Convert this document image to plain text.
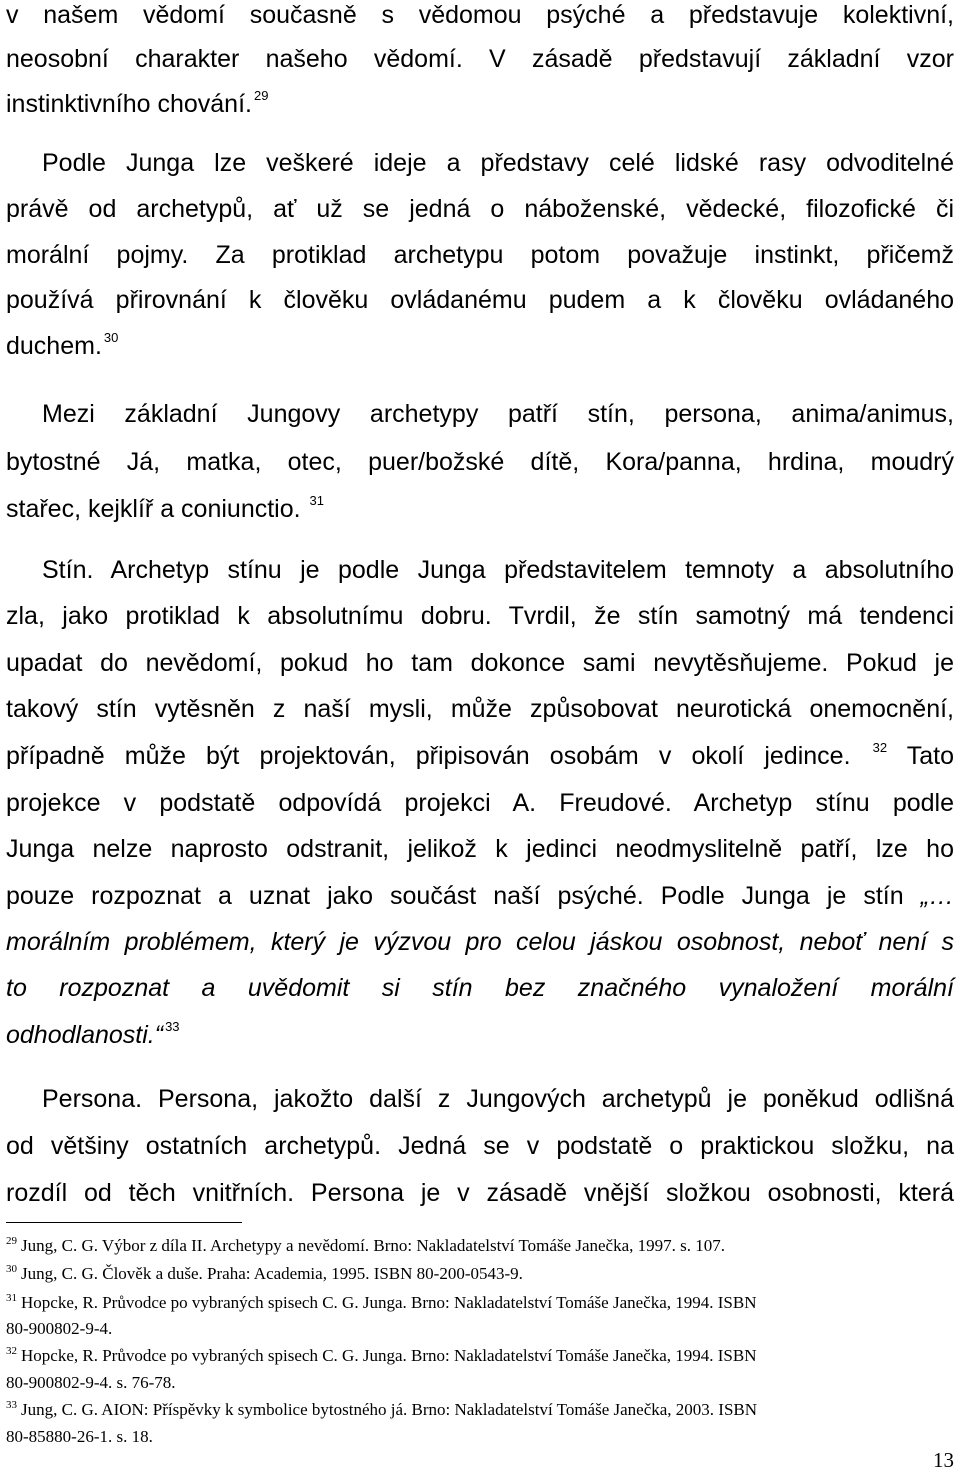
v našem vědomí současně s vědomou psýché a představuje kolektivní,
neosobní charakter našeho vědomí. V zásadě představují základní vzor
instinktivního chování. $^{29}$
Podle Junga lze veškeré ideje a představy celé lidské rasy odvoditelné
právě od archetypů, ať už se jedná o náboženské, vědecké, filozofické či
morální pojmy. Za protiklad archetypu potom považuje instinkt, přičemž
používá přirovnání k člověku ovládanému pudem a k člověku ovládaného
duchem. $^{30}$
Mezi základní Jungovy archetypy patří stín, persona, anima/animus,
bytostné Já, matka, otec, puer/božské dítě, Kora/panna, hrdina, moudrý
stařec, kejklíř a coniunctio. $^{31}$
Stín. Archetyp stínu je podle Junga představitelem temnoty a absolutního
zla, jako protiklad k absolutnímu dobru. Tvrdil, že stín samotný má tendenci
upadat do nevědomí, pokud ho tam dokonce sami nevytěsňujeme. Pokud je
takový stín vytěsněn z naší mysli, může způsobovat neurotická onemocnění,
případně může být projektován, připisován osobám v okolí jedince. $^{32}$ Tato
projekce v podstatě odpovídá projekci A. Freudové. Archetyp stínu podle
Junga nelze naprosto odstranit, jelikož k jedinci neodmyslitelně patří, lze ho
pouze rozpoznat a uznat jako součást naší psýché. Podle Junga je stín „…
morálním problémem, který je výzvou pro celou jáskou osobnost, neboť není s
to rozpoznat a uvědomit si stín bez značného vynaložení morální
odhodlanosti.“ $^{33}$
Persona. Persona, jakožto další z Jungových archetypů je poněkud odlišná
od většiny ostatních archetypů. Jedná se v podstatě o praktickou složku, na
rozdíl od těch vnitřních. Persona je v zásadě vnější složkou osobnosti, která
$^{29}$ Jung, C. G. Výbor z díla II. Archetypy a nevědomí. Brno: Nakladatelství Tomáše Janečka, 1997. s. 107.
$^{30}$ Jung, C. G. Člověk a duše. Praha: Academia, 1995. ISBN 80-200-0543-9.
$^{31}$ Hopcke, R. Průvodce po vybraných spisech C. G. Junga. Brno: Nakladatelství Tomáše Janečka, 1994. ISBN
80-900802-9-4.
$^{32}$ Hopcke, R. Průvodce po vybraných spisech C. G. Junga. Brno: Nakladatelství Tomáše Janečka, 1994. ISBN
80-900802-9-4. s. 76-78.
$^{33}$ Jung, C. G. AION: Příspěvky k symbolice bytostného já. Brno: Nakladatelství Tomáše Janečka, 2003. ISBN
80-85880-26-1. s. 18.
13
